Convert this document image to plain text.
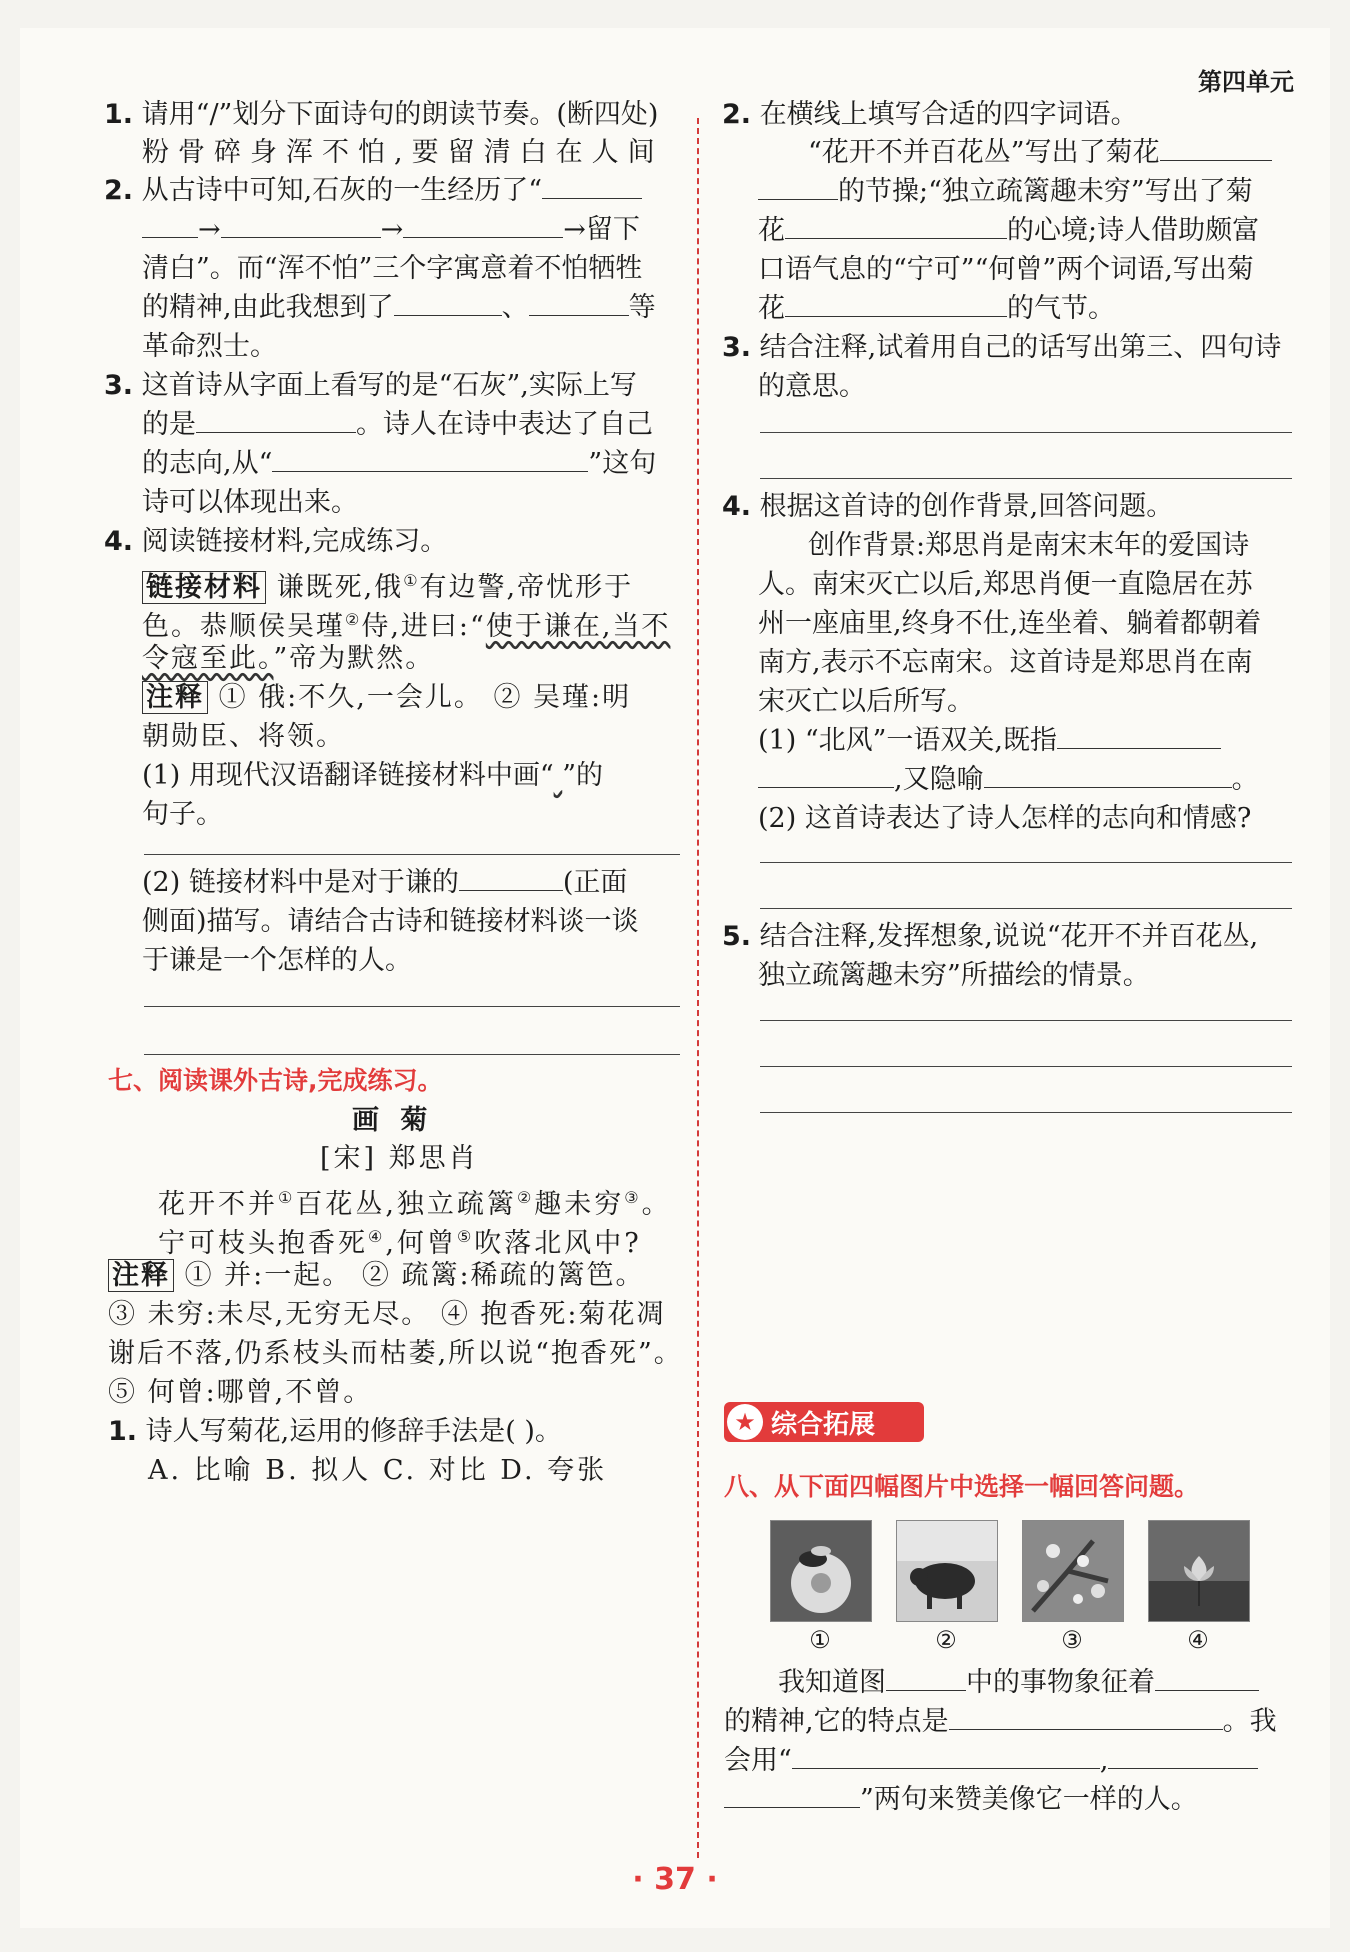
第四单元
1. 请用“/”划分下面诗句的朗读节奏。(断四处)
粉骨碎身浑不怕,要留清白在人间
2. 从古诗中可知,石灰的一生经历了“
→	→	→留下
清白”。而“浑不怕”三个字寓意着不怕牺牲
的精神,由此我想到了	、	等
革命烈士。
3. 这首诗从字面上看写的是“石灰”,实际上写
的是	。诗人在诗中表达了自己
的志向,从“	”这句
诗可以体现出来。
4. 阅读链接材料,完成练习。
链接材料 谦既死,俄①有边警,帝忧形于
色。恭顺侯吴瑾②侍,进曰:“使于谦在,当不
令寇至此。”帝为默然。
注释 ① 俄:不久,一会儿。 ② 吴瑾:明
朝勋臣、将领。
(1) 用现代汉语翻译链接材料中画“ ”的
句子。
(2) 链接材料中是对于谦的	(正面
侧面)描写。请结合古诗和链接材料谈一谈
于谦是一个怎样的人。
七、阅读课外古诗,完成练习。
画 菊
[宋] 郑思肖
花开不并①百花丛,独立疏篱②趣未穷③。
宁可枝头抱香死④,何曾⑤吹落北风中?
注释 ① 并:一起。 ② 疏篱:稀疏的篱笆。
③ 未穷:未尽,无穷无尽。 ④ 抱香死:菊花凋
谢后不落,仍系枝头而枯萎,所以说“抱香死”。
⑤ 何曾:哪曾,不曾。
1. 诗人写菊花,运用的修辞手法是( )。
A. 比喻 B. 拟人 C. 对比 D. 夸张
2. 在横线上填写合适的四字词语。
“花开不并百花丛”写出了菊花
的节操;“独立疏篱趣未穷”写出了菊
花	的心境;诗人借助颇富
口语气息的“宁可”“何曾”两个词语,写出菊
花	的气节。
3. 结合注释,试着用自己的话写出第三、四句诗
的意思。
4. 根据这首诗的创作背景,回答问题。
创作背景:郑思肖是南宋末年的爱国诗
人。南宋灭亡以后,郑思肖便一直隐居在苏
州一座庙里,终身不仕,连坐着、躺着都朝着
南方,表示不忘南宋。这首诗是郑思肖在南
宋灭亡以后所写。
(1) “北风”一语双关,既指
,又隐喻	。
(2) 这首诗表达了诗人怎样的志向和情感?
5. 结合注释,发挥想象,说说“花开不并百花丛,
独立疏篱趣未穷”所描绘的情景。
★ 综合拓展
八、从下面四幅图片中选择一幅回答问题。
①	②	③	④
我知道图	中的事物象征着
的精神,它的特点是	。我
会用“	,
”两句来赞美像它一样的人。
· 37 ·
